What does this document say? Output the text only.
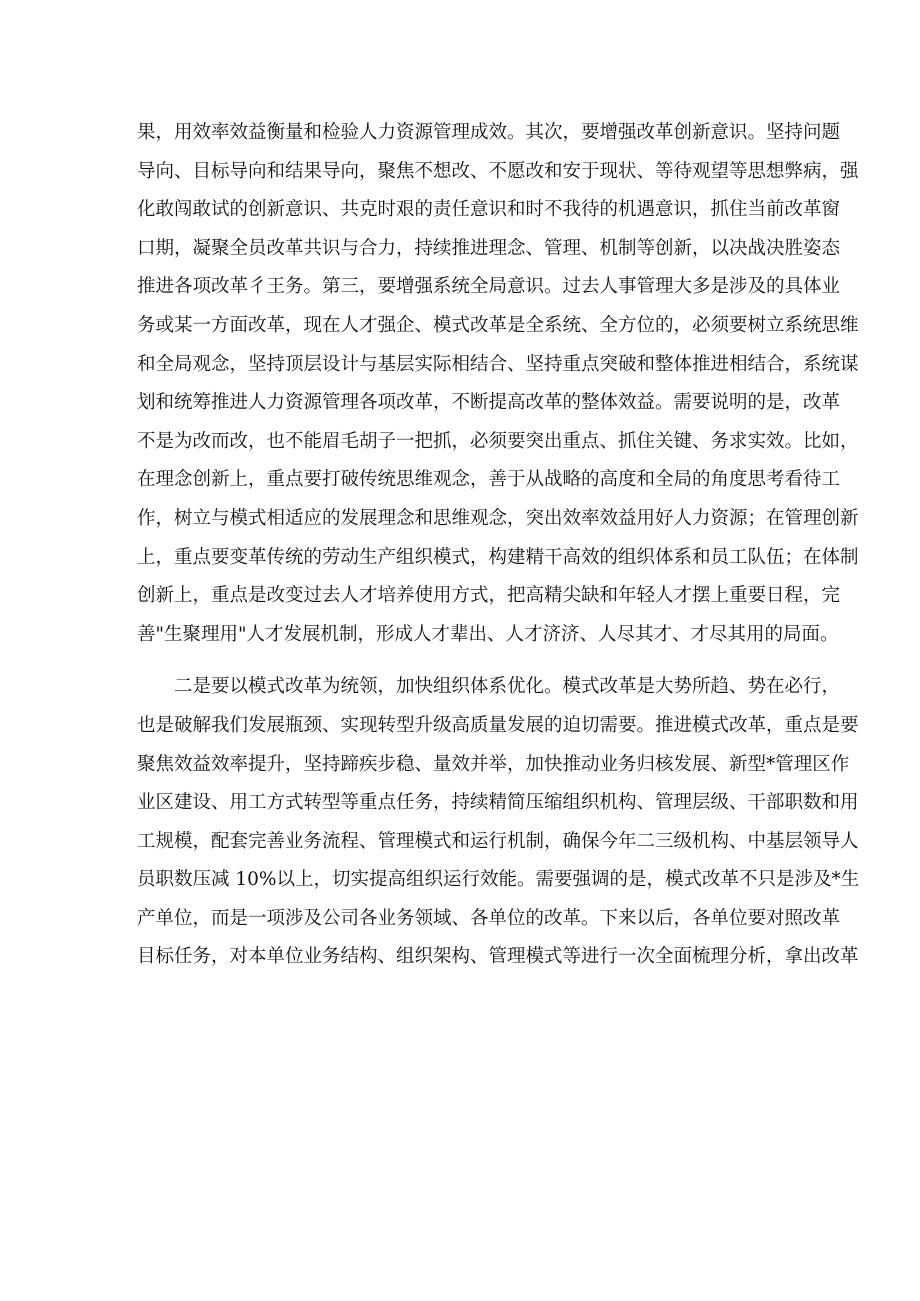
果，用效率效益衡量和检验人力资源管理成效。其次，要增强改革创新意识。坚持问题
导向、目标导向和结果导向，聚焦不想改、不愿改和安于现状、等待观望等思想弊病，强
化敢闯敢试的创新意识、共克时艰的责任意识和时不我待的机遇意识，抓住当前改革窗
口期，凝聚全员改革共识与合力，持续推进理念、管理、机制等创新，以决战决胜姿态
推进各项改革彳王务。第三，要增强系统全局意识。过去人事管理大多是涉及的具体业
务或某一方面改革，现在人才强企、模式改革是全系统、全方位的，必须要树立系统思维
和全局观念，坚持顶层设计与基层实际相结合、坚持重点突破和整体推进相结合，系统谋
划和统筹推进人力资源管理各项改革，不断提高改革的整体效益。需要说明的是，改革
不是为改而改，也不能眉毛胡子一把抓，必须要突出重点、抓住关键、务求实效。比如，
在理念创新上，重点要打破传统思维观念，善于从战略的高度和全局的角度思考看待工
作，树立与模式相适应的发展理念和思维观念，突出效率效益用好人力资源；在管理创新
上，重点要变革传统的劳动生产组织模式，构建精干高效的组织体系和员工队伍；在体制
创新上，重点是改变过去人才培养使用方式，把高精尖缺和年轻人才摆上重要日程，完
善"生聚理用"人才发展机制，形成人才辈出、人才济济、人尽其才、才尽其用的局面。
二是要以模式改革为统领，加快组织体系优化。模式改革是大势所趋、势在必行，
也是破解我们发展瓶颈、实现转型升级高质量发展的迫切需要。推进模式改革，重点是要
聚焦效益效率提升，坚持蹄疾步稳、量效并举，加快推动业务归核发展、新型*管理区作
业区建设、用工方式转型等重点任务，持续精简压缩组织机构、管理层级、干部职数和用
工规模，配套完善业务流程、管理模式和运行机制，确保今年二三级机构、中基层领导人
员职数压减 10%以上，切实提高组织运行效能。需要强调的是，模式改革不只是涉及*生
产单位，而是一项涉及公司各业务领域、各单位的改革。下来以后，各单位要对照改革
目标任务，对本单位业务结构、组织架构、管理模式等进行一次全面梳理分析，拿出改革
